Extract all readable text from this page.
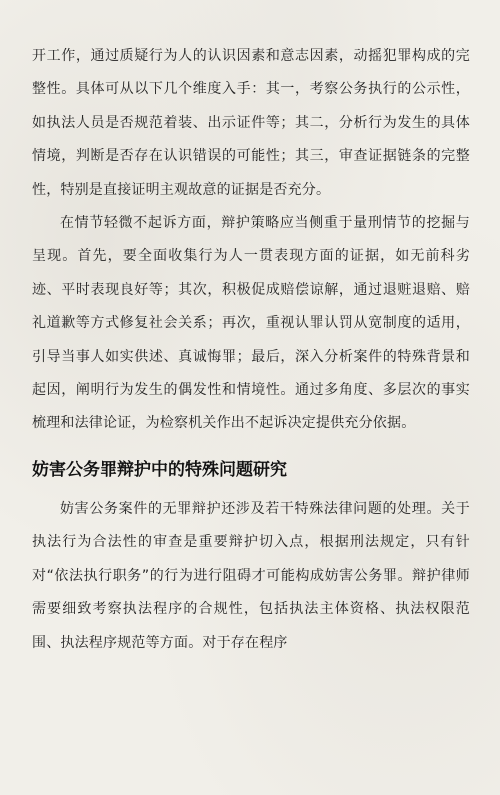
开工作，通过质疑行为人的认识因素和意志因素，动摇犯罪构成的完整性。具体可从以下几个维度入手：其一，考察公务执行的公示性，如执法人员是否规范着装、出示证件等；其二，分析行为发生的具体情境，判断是否存在认识错误的可能性；其三，审查证据链条的完整性，特别是直接证明主观故意的证据是否充分。

在情节轻微不起诉方面，辩护策略应当侧重于量刑情节的挖掘与呈现。首先，要全面收集行为人一贯表现方面的证据，如无前科劣迹、平时表现良好等；其次，积极促成赔偿谅解，通过退赃退赔、赔礼道歉等方式修复社会关系；再次，重视认罪认罚从宽制度的适用，引导当事人如实供述、真诚悔罪；最后，深入分析案件的特殊背景和起因，阐明行为发生的偶发性和情境性。通过多角度、多层次的事实梳理和法律论证，为检察机关作出不起诉决定提供充分依据。

妨害公务罪辩护中的特殊问题研究

妨害公务案件的无罪辩护还涉及若干特殊法律问题的处理。关于执法行为合法性的审查是重要辩护切入点，根据刑法规定，只有针对“依法执行职务”的行为进行阻碍才可能构成妨害公务罪。辩护律师需要细致考察执法程序的合规性，包括执法主体资格、执法权限范围、执法程序规范等方面。对于存在程序
